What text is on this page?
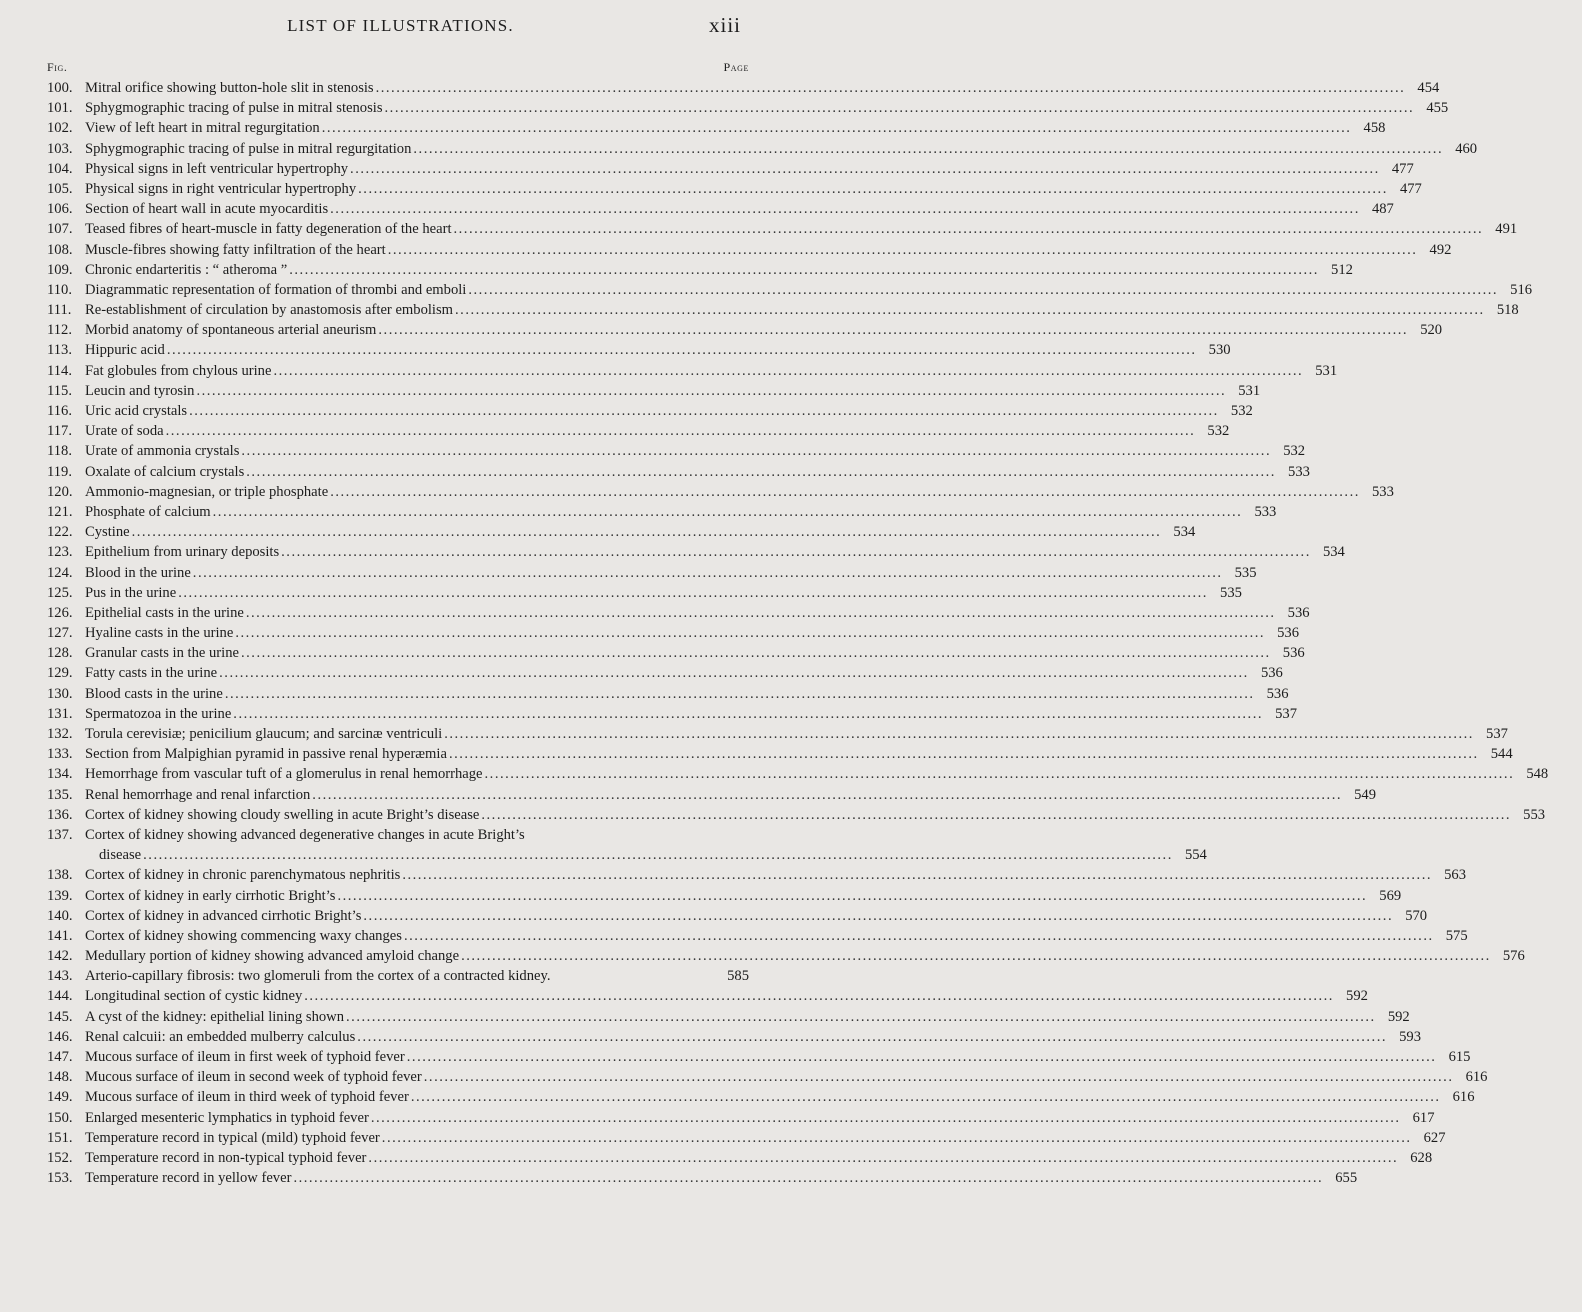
LIST OF ILLUSTRATIONS.	xiii
Fig.	Page
100. Mitral orifice showing button-hole slit in stenosis .....	454
101. Sphygmographic tracing of pulse in mitral stenosis .....	455
102. View of left heart in mitral regurgitation .....	458
103. Sphygmographic tracing of pulse in mitral regurgitation .....	460
104. Physical signs in left ventricular hypertrophy .....	477
105. Physical signs in right ventricular hypertrophy .....	477
106. Section of heart wall in acute myocarditis .....	487
107. Teased fibres of heart-muscle in fatty degeneration of the heart .....	491
108. Muscle-fibres showing fatty infiltration of the heart .....	492
109. Chronic endarteritis : “ atheroma ” .....	512
110. Diagrammatic representation of formation of thrombi and emboli .....	516
111. Re-establishment of circulation by anastomosis after embolism .....	518
112. Morbid anatomy of spontaneous arterial aneurism .....	520
113. Hippuric acid .....	530
114. Fat globules from chylous urine .....	531
115. Leucin and tyrosin .....	531
116. Uric acid crystals .....	532
117. Urate of soda .....	532
118. Urate of ammonia crystals .....	532
119. Oxalate of calcium crystals .....	533
120. Ammonio-magnesian, or triple phosphate .....	533
121. Phosphate of calcium .....	533
122. Cystine .....	534
123. Epithelium from urinary deposits .....	534
124. Blood in the urine .....	535
125. Pus in the urine .....	535
126. Epithelial casts in the urine .....	536
127. Hyaline casts in the urine .....	536
128. Granular casts in the urine .....	536
129. Fatty casts in the urine .....	536
130. Blood casts in the urine .....	536
131. Spermatozoa in the urine .....	537
132. Torula cerevisiæ; penicilium glaucum; and sarcinæ ventriculi .....	537
133. Section from Malpighian pyramid in passive renal hyperæmia .....	544
134. Hemorrhage from vascular tuft of a glomerulus in renal hemorrhage .....	548
135. Renal hemorrhage and renal infarction .....	549
136. Cortex of kidney showing cloudy swelling in acute Bright’s disease .....	553
137. Cortex of kidney showing advanced degenerative changes in acute Bright’s
disease .....	554
138. Cortex of kidney in chronic parenchymatous nephritis .....	563
139. Cortex of kidney in early cirrhotic Bright’s .....	569
140. Cortex of kidney in advanced cirrhotic Bright’s .....	570
141. Cortex of kidney showing commencing waxy changes .....	575
142. Medullary portion of kidney showing advanced amyloid change .....	576
143. Arterio-capillary fibrosis: two glomeruli from the cortex of a contracted kidney.	585
144. Longitudinal section of cystic kidney .....	592
145. A cyst of the kidney: epithelial lining shown .....	592
146. Renal calcuii: an embedded mulberry calculus .....	593
147. Mucous surface of ileum in first week of typhoid fever .....	615
148. Mucous surface of ileum in second week of typhoid fever .....	616
149. Mucous surface of ileum in third week of typhoid fever .....	616
150. Enlarged mesenteric lymphatics in typhoid fever .....	617
151. Temperature record in typical (mild) typhoid fever .....	627
152. Temperature record in non-typical typhoid fever .....	628
153. Temperature record in yellow fever .....	655
